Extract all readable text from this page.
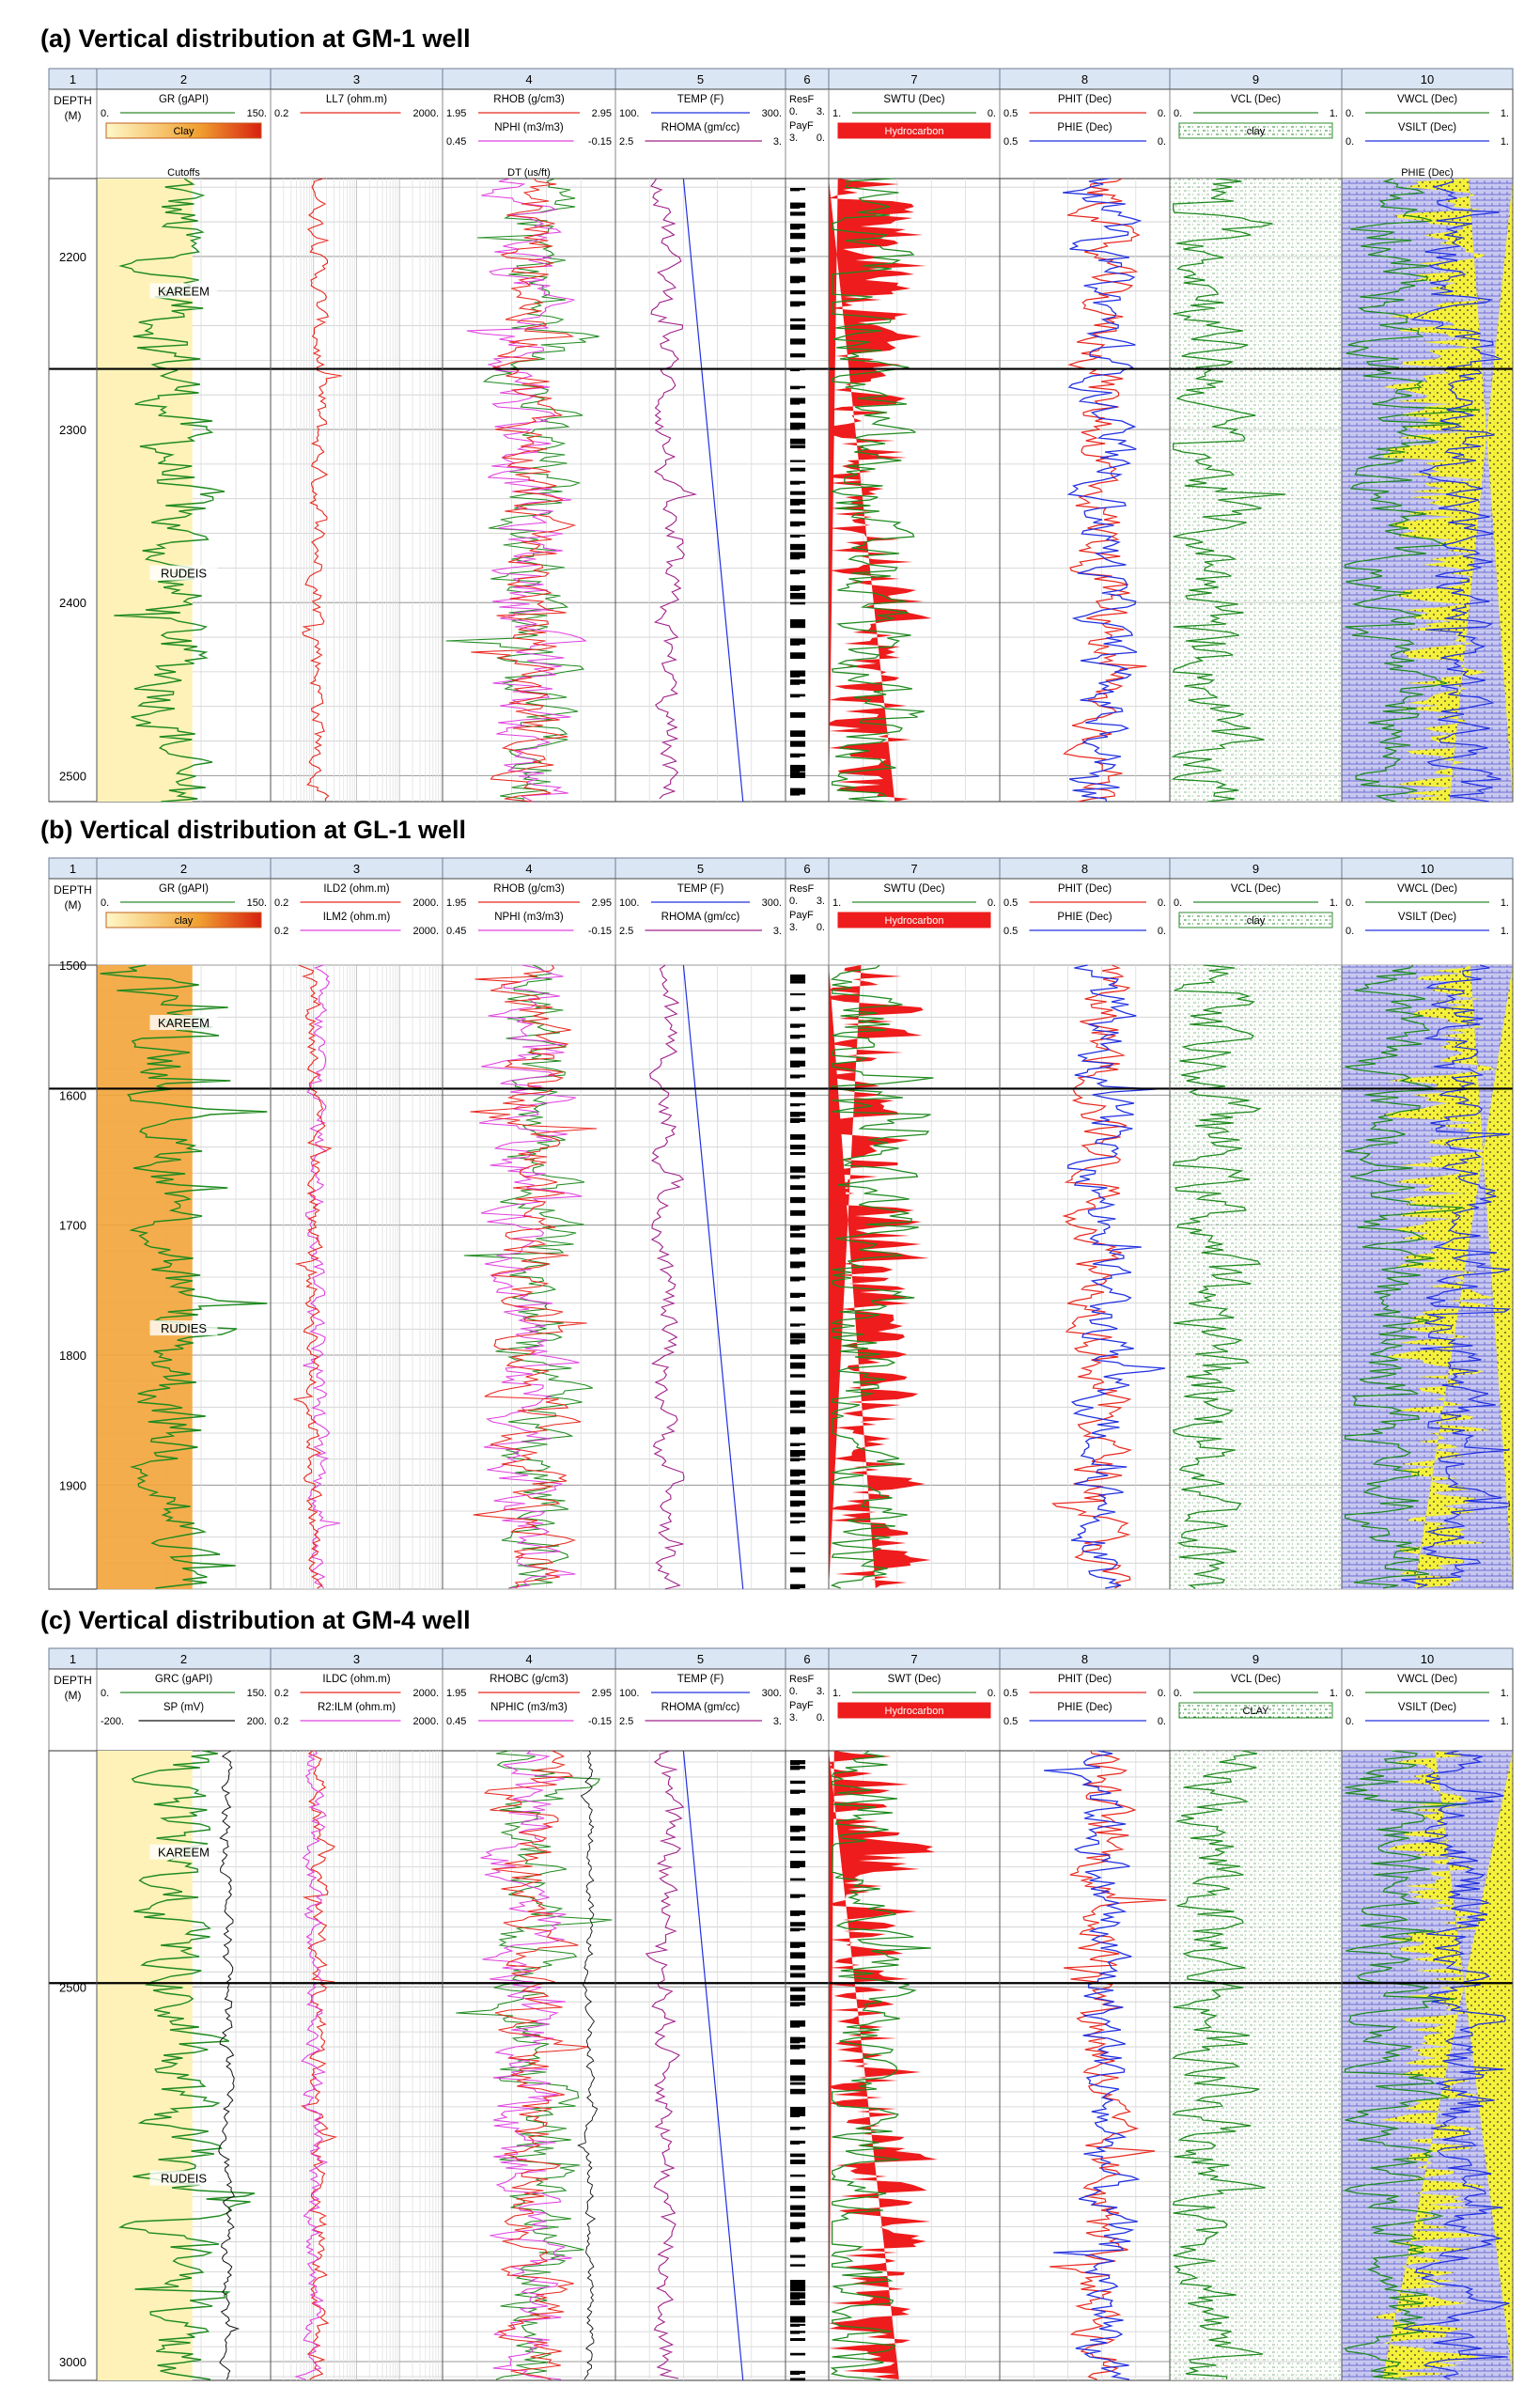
(a) Vertical distribution at GM-1 well
1	2	3	4	5	6	7	8	9	10
DEPTH
(M)
GR (gAPI)
0.	150.
Clay
Cutoffs
LL7 (ohm.m)
0.2	2000.
RHOB (g/cm3)
1.95	2.95
NPHI (m3/m3)
0.45	-0.15
DT (us/ft)
TEMP (F)
100.	300.
RHOMA (gm/cc)
2.5	3.
ResF
0. 3.
PayF
3. 0.
SWTU (Dec)
1.	0.
Hydrocarbon
PHIT (Dec)
0.5	0.
PHIE (Dec)
0.5	0.
VCL (Dec)
0.	1.
clay
VWCL (Dec)
0.	1.
VSILT (Dec)
0.	1.
PHIE (Dec)
2200
2300
2400
2500
KAREEM
RUDEIS
(b) Vertical distribution at GL-1 well
1	2	3	4	5	6	7	8	9	10
DEPTH
(M)
GR (gAPI)
0.	150.
clay
ILD2 (ohm.m)
0.2	2000.
ILM2 (ohm.m)
0.2	2000.
RHOB (g/cm3)
1.95	2.95
NPHI (m3/m3)
0.45	-0.15
TEMP (F)
100.	300.
RHOMA (gm/cc)
2.5	3.
ResF
0. 3.
PayF
3. 0.
SWTU (Dec)
1.	0.
Hydrocarbon
PHIT (Dec)
0.5	0.
PHIE (Dec)
0.5	0.
VCL (Dec)
0.	1.
clay
VWCL (Dec)
0.	1.
VSILT (Dec)
0.	1.
1500
1600
1700
1800
1900
KAREEM
RUDIES
(c) Vertical distribution at GM-4 well
1	2	3	4	5	6	7	8	9	10
DEPTH
(M)
GRC (gAPI)
0.	150.
SP (mV)
-200.	200.
ILDC (ohm.m)
0.2	2000.
R2:ILM (ohm.m)
0.2	2000.
RHOBC (g/cm3)
1.95	2.95
NPHIC (m3/m3)
0.45	-0.15
TEMP (F)
100.	300.
RHOMA (gm/cc)
2.5	3.
ResF
0. 3.
PayF
3. 0.
SWT (Dec)
1.	0.
Hydrocarbon
PHIT (Dec)
0.5	0.
PHIE (Dec)
0.5	0.
VCL (Dec)
0.	1.
CLAY
VWCL (Dec)
0.	1.
VSILT (Dec)
0.	1.
2500
3000
KAREEM
RUDEIS
